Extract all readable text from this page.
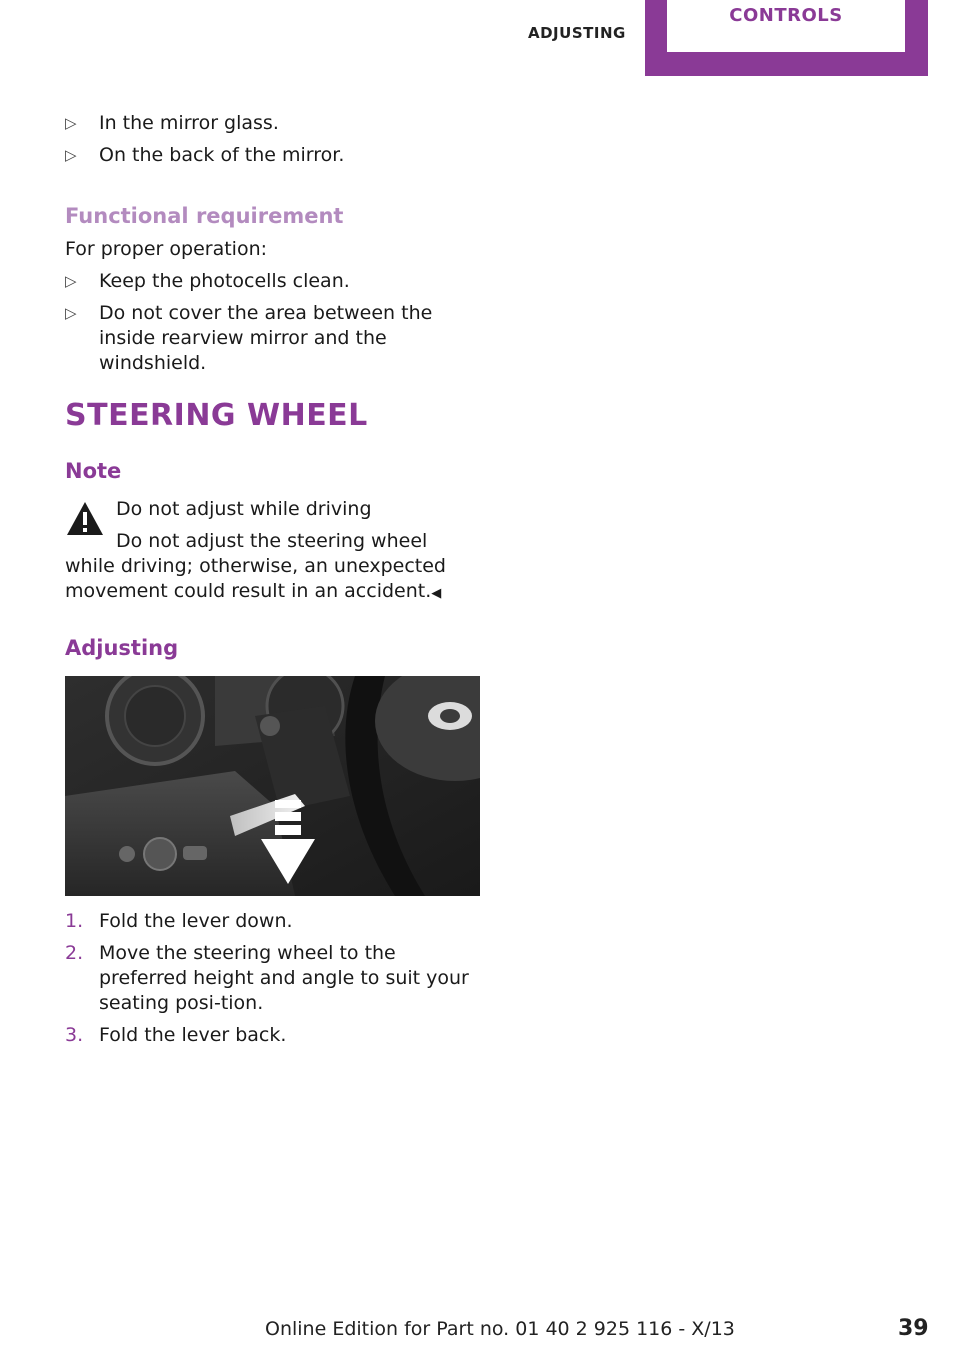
ADJUSTING
CONTROLS
▷ In the mirror glass.
▷ On the back of the mirror.
Functional requirement
For proper operation:
▷ Keep the photocells clean.
▷ Do not cover the area between the inside rearview mirror and the windshield.
STEERING WHEEL
Note
Do not adjust while driving
Do not adjust the steering wheel while driving; otherwise, an unexpected movement could result in an accident.◀
Adjusting
1. Fold the lever down.
2. Move the steering wheel to the preferred height and angle to suit your seating posi-tion.
3. Fold the lever back.
Online Edition for Part no. 01 40 2 925 116 - X/13	39
